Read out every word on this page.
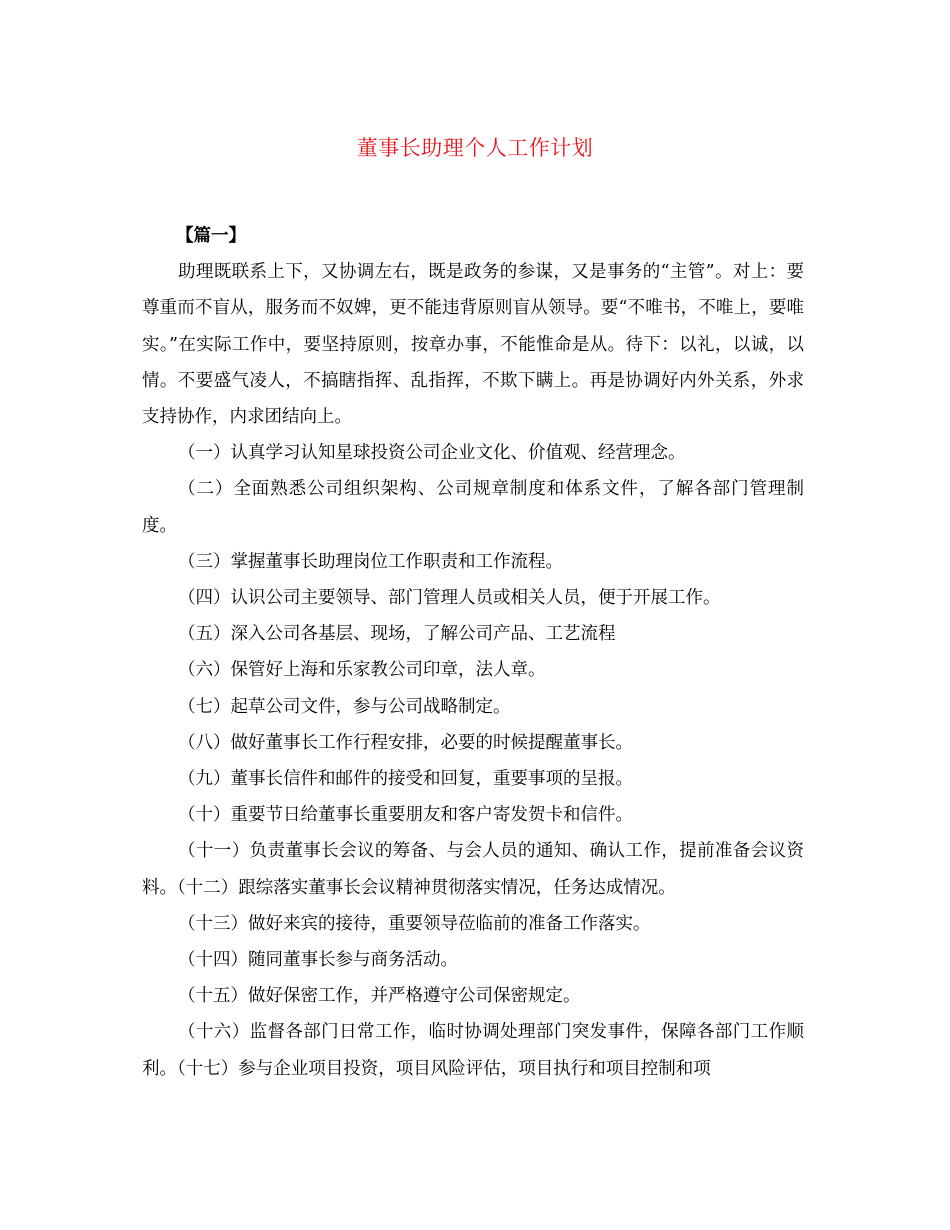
董事长助理个人工作计划

【篇一】

助理既联系上下，又协调左右，既是政务的参谋，又是事务的“主管”。对上：要尊重而不盲从，服务而不奴婢，更不能违背原则盲从领导。要“不唯书，不唯上，要唯实。”在实际工作中，要坚持原则，按章办事，不能惟命是从。待下：以礼，以诚，以情。不要盛气凌人，不搞瞎指挥、乱指挥，不欺下瞒上。再是协调好内外关系，外求支持协作，内求团结向上。

（一）认真学习认知星球投资公司企业文化、价值观、经营理念。

（二）全面熟悉公司组织架构、公司规章制度和体系文件，了解各部门管理制度。

（三）掌握董事长助理岗位工作职责和工作流程。

（四）认识公司主要领导、部门管理人员或相关人员，便于开展工作。

（五）深入公司各基层、现场，了解公司产品、工艺流程

（六）保管好上海和乐家教公司印章，法人章。

（七）起草公司文件，参与公司战略制定。

（八）做好董事长工作行程安排，必要的时候提醒董事长。

（九）董事长信件和邮件的接受和回复，重要事项的呈报。

（十）重要节日给董事长重要朋友和客户寄发贺卡和信件。

（十一）负责董事长会议的筹备、与会人员的通知、确认工作，提前准备会议资料。（十二）跟综落实董事长会议精神贯彻落实情况，任务达成情况。

（十三）做好来宾的接待，重要领导莅临前的准备工作落实。

（十四）随同董事长参与商务活动。

（十五）做好保密工作，并严格遵守公司保密规定。

（十六）监督各部门日常工作，临时协调处理部门突发事件，保障各部门工作顺利。（十七）参与企业项目投资，项目风险评估，项目执行和项目控制和项
